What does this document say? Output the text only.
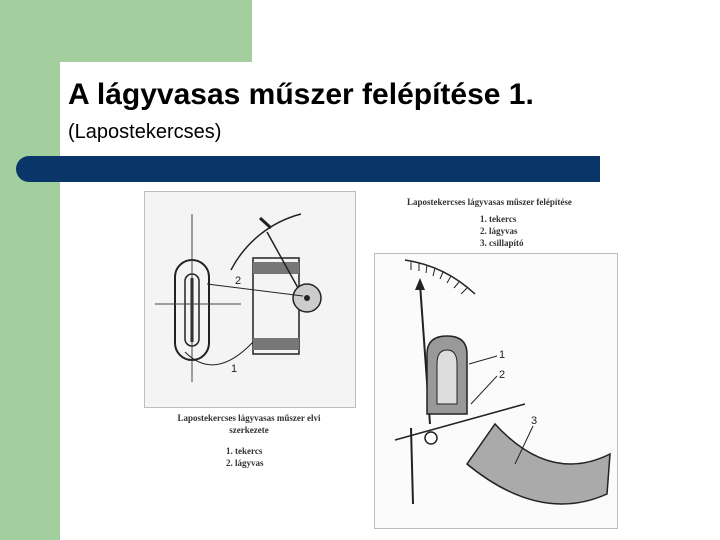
A lágyvasas műszer felépítése 1.

(Lapostekercses)

2
1
Lapostekercses lágyvasas műszer elvi szerkezete
1. tekercs
2. lágyvas
Lapostekercses lágyvasas műszer felépítése
1. tekercs
2. lágyvas
3. csillapító
1
2
3
